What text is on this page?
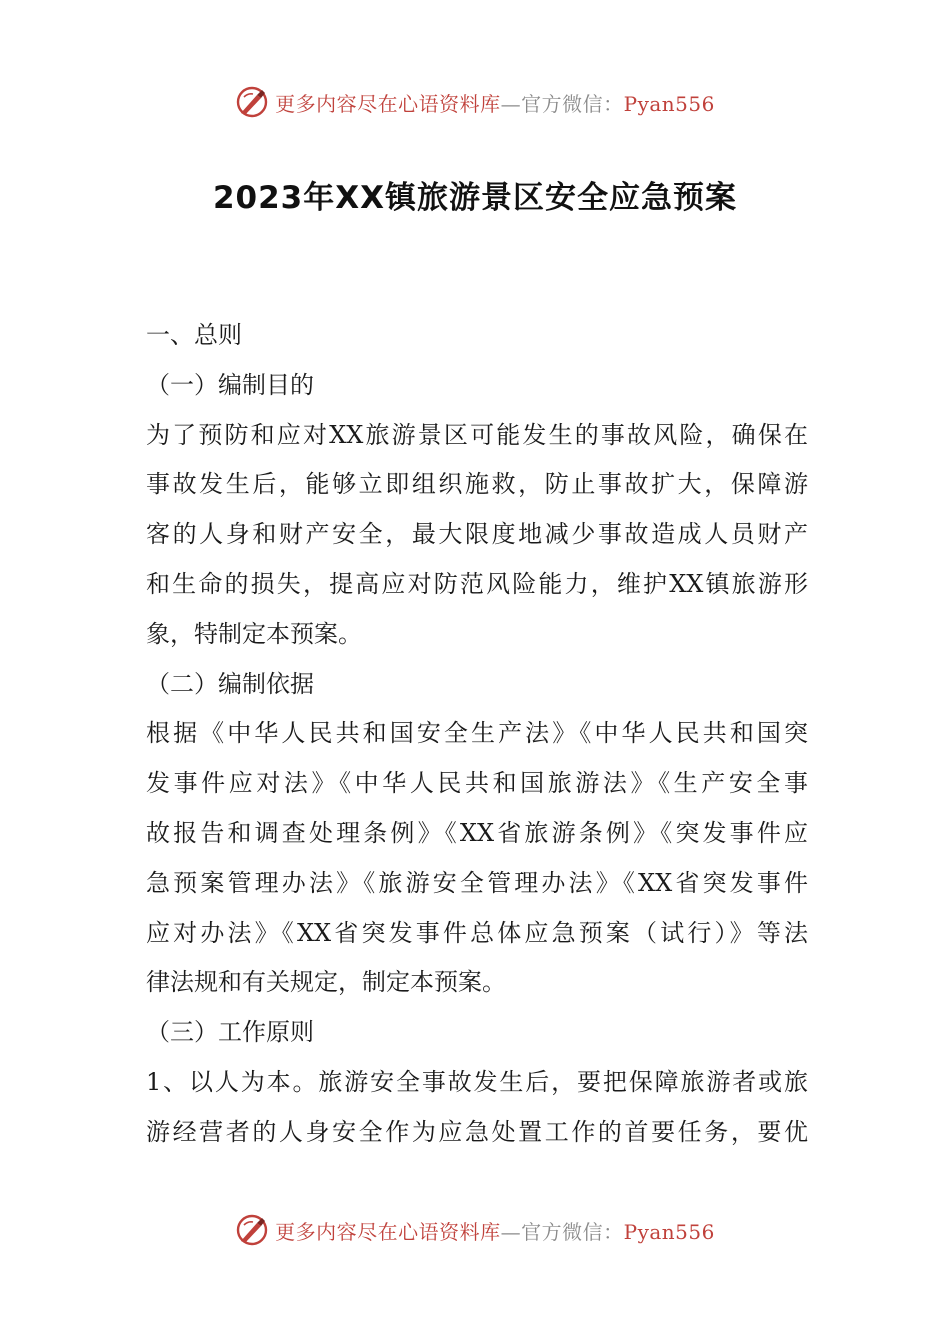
更多内容尽在心语资料库—官方微信：Pyan556
2023年XX镇旅游景区安全应急预案
一、总则
（一）编制目的
为了预防和应对XX旅游景区可能发生的事故风险，确保在
事故发生后，能够立即组织施救，防止事故扩大，保障游
客的人身和财产安全，最大限度地减少事故造成人员财产
和生命的损失，提高应对防范风险能力，维护XX镇旅游形
象，特制定本预案。
（二）编制依据
根据《中华人民共和国安全生产法》《中华人民共和国突
发事件应对法》《中华人民共和国旅游法》《生产安全事
故报告和调查处理条例》《XX省旅游条例》《突发事件应
急预案管理办法》《旅游安全管理办法》《XX省突发事件
应对办法》《XX省突发事件总体应急预案（试行）》等法
律法规和有关规定，制定本预案。
（三）工作原则
1、以人为本。旅游安全事故发生后，要把保障旅游者或旅
游经营者的人身安全作为应急处置工作的首要任务，要优
更多内容尽在心语资料库—官方微信：Pyan556
